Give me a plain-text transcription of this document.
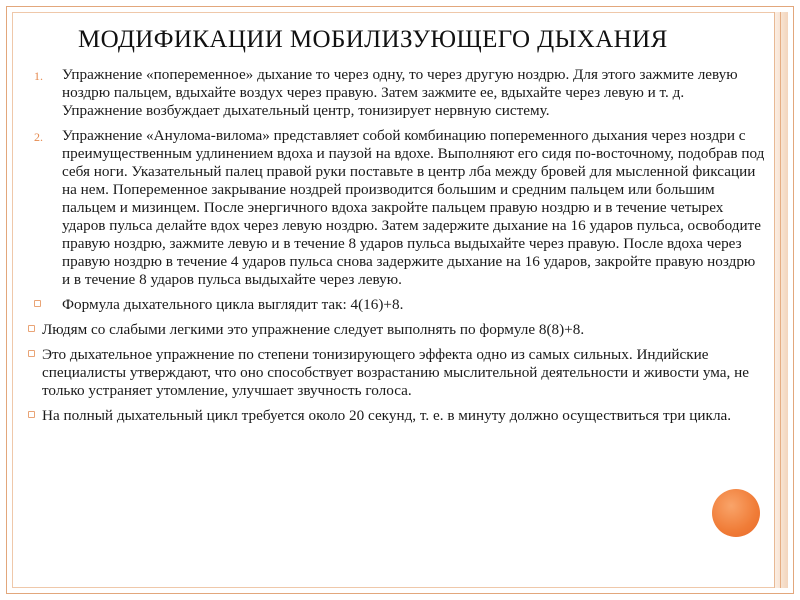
МОДИФИКАЦИИ МОБИЛИЗУЮЩЕГО ДЫХАНИЯ
1. Упражнение «попеременное» дыхание то через одну, то через другую ноздрю. Для этого зажмите левую ноздрю пальцем, вдыхайте воздух через правую. Затем зажмите ее, вдыхайте через левую и т. д. Упражнение возбуждает дыхательный центр, тонизирует нервную систему.
2. Упражнение «Анулома-вилома» представляет собой комбинацию попеременного дыхания через ноздри с преимущественным удлинением вдоха и паузой на вдохе. Выполняют его сидя по-восточному, подобрав под себя ноги. Указательный палец правой руки поставьте в центр лба между бровей для мысленной фиксации на нем. Попеременное закрывание ноздрей производится большим и средним пальцем или большим пальцем и мизинцем. После энергичного вдоха закройте пальцем правую ноздрю и в течение четырех ударов пульса делайте вдох через левую ноздрю. Затем задержите дыхание на 16 ударов пульса, освободите правую ноздрю, зажмите левую и в течение 8 ударов пульса выдыхайте через правую. После вдоха через правую ноздрю в течение 4 ударов пульса снова задержите дыхание на 16 ударов, закройте правую ноздрю и в течение 8 ударов пульса выдыхайте через левую.
Формула дыхательного цикла выглядит так: 4(16)+8.
Людям со слабыми легкими это упражнение следует выполнять по формуле 8(8)+8.
Это дыхательное упражнение по степени тонизирующего эффекта одно из самых сильных. Индийские специалисты утверждают, что оно способствует возрастанию мыслительной деятельности и живости ума, не только устраняет утомление, улучшает звучность голоса.
На полный дыхательный цикл требуется около 20 секунд, т. е. в минуту должно осуществиться три цикла.
